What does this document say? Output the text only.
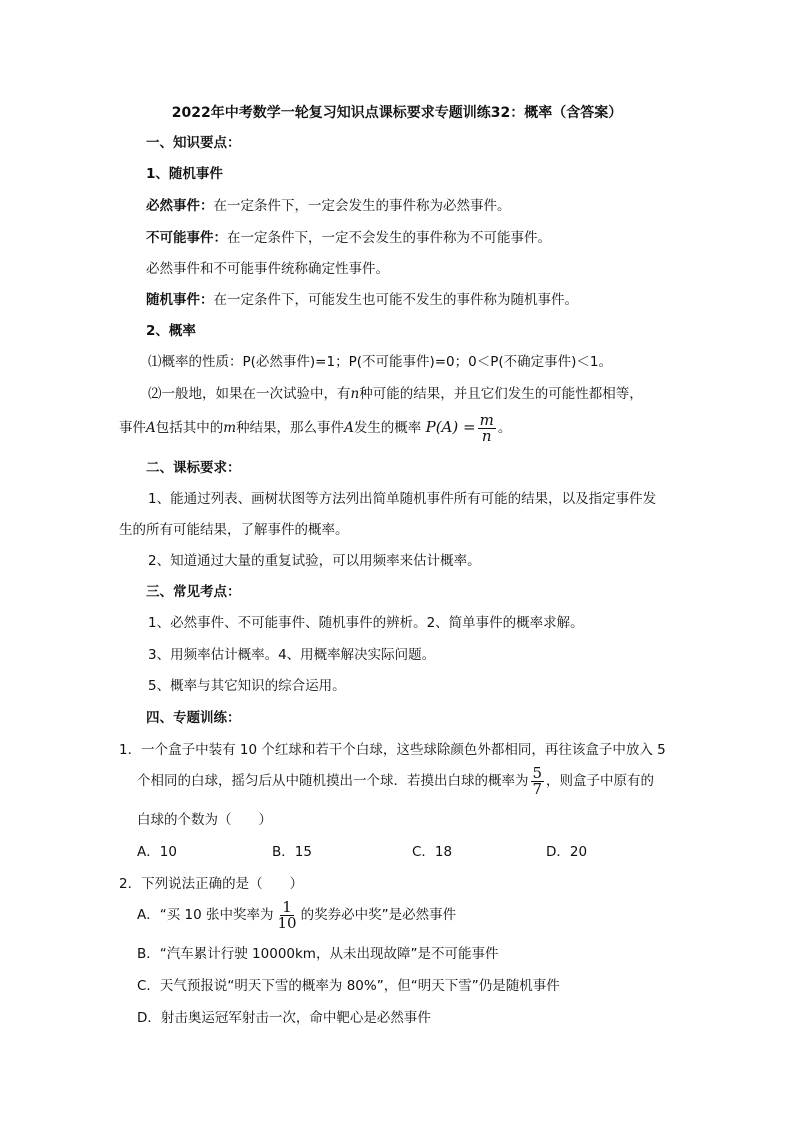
2022年中考数学一轮复习知识点课标要求专题训练32：概率（含答案）
一、知识要点：
1、随机事件
必然事件：在一定条件下，一定会发生的事件称为必然事件。
不可能事件：在一定条件下，一定不会发生的事件称为不可能事件。
必然事件和不可能事件统称确定性事件。
随机事件：在一定条件下，可能发生也可能不发生的事件称为随机事件。
2、概率
⑴概率的性质：P(必然事件)=1；P(不可能事件)=0；0＜P(不确定事件)＜1。
⑵一般地，如果在一次试验中，有n种可能的结果，并且它们发生的可能性都相等，
事件A包括其中的m种结果，那么事件A发生的概率 $P(A) = \frac{m}{n}$ 。
二、课标要求：
1、能通过列表、画树状图等方法列出简单随机事件所有可能的结果，以及指定事件发
生的所有可能结果，了解事件的概率。
2、知道通过大量的重复试验，可以用频率来估计概率。
三、常见考点：
1、必然事件、不可能事件、随机事件的辨析。2、简单事件的概率求解。
3、用频率估计概率。4、用概率解决实际问题。
5、概率与其它知识的综合运用。
四、专题训练：
1．一个盒子中装有 10 个红球和若干个白球，这些球除颜色外都相同，再往该盒子中放入 5
个相同的白球，摇匀后从中随机摸出一个球．若摸出白球的概率为 $\frac{5}{7}$ ，则盒子中原有的
白球的个数为（　　）
A．10	B．15	C．18	D．20
2．下列说法正确的是（　　）
A．“买 10 张中奖率为 $\frac{1}{10}$ 的奖券必中奖”是必然事件
B．“汽车累计行驶 10000km，从未出现故障”是不可能事件
C．天气预报说“明天下雪的概率为 80%”，但“明天下雪”仍是随机事件
D．射击奥运冠军射击一次，命中靶心是必然事件
